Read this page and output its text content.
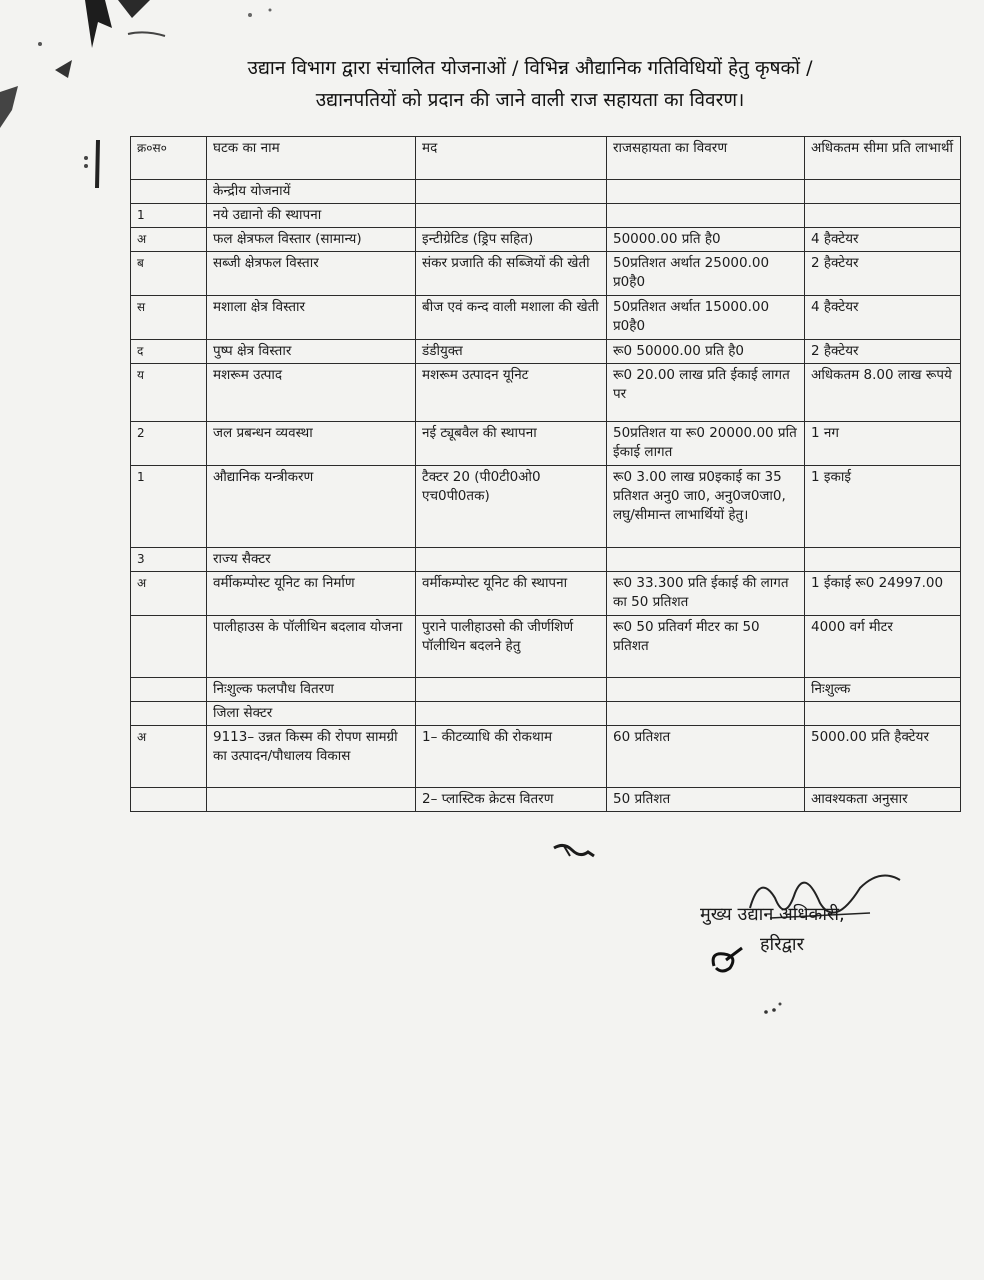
उद्यान विभाग द्वारा संचालित योजनाओं / विभिन्न औद्यानिक गतिविधियों हेतु कृषकों /
उद्यानपतियों को प्रदान की जाने वाली राज सहायता का विवरण।
क्र०स०	घटक का नाम	मद	राजसहायता का विवरण	अधिकतम सीमा प्रति लाभार्थी
	केन्द्रीय योजनायें			
1	नये उद्यानो की स्थापना			
अ	फल क्षेत्रफल विस्तार (सामान्य)	इन्टीग्रेटिड (ड्रिप सहित)	50000.00 प्रति है0	4 हैक्टेयर
ब	सब्जी क्षेत्रफल विस्तार	संकर प्रजाति की सब्जियों की खेती	50प्रतिशत अर्थात 25000.00 प्र0है0	2 हैक्टेयर
स	मशाला क्षेत्र विस्तार	बीज एवं कन्द वाली मशाला की खेती	50प्रतिशत अर्थात 15000.00 प्र0है0	4 हैक्टेयर
द	पुष्प क्षेत्र विस्तार	डंडीयुक्त	रू0 50000.00 प्रति है0	2 हैक्टेयर
य	मशरूम उत्पाद	मशरूम उत्पादन यूनिट	रू0 20.00 लाख प्रति ईकाई लागत पर	अधिकतम 8.00 लाख रूपये
2	जल प्रबन्धन व्यवस्था	नई ट्यूबवैल की स्थापना	50प्रतिशत या रू0 20000.00 प्रति ईकाई लागत	1 नग
1	औद्यानिक यन्त्रीकरण	टैक्टर 20 (पी0टी0ओ0 एच0पी0तक)	रू0 3.00 लाख प्र0इकाई का 35 प्रतिशत अनु0 जा0, अनु0ज0जा0, लघु/सीमान्त लाभार्थियों हेतु।	1 इकाई
3	राज्य सैक्टर			
अ	वर्मीकम्पोस्ट यूनिट का निर्माण	वर्मीकम्पोस्ट यूनिट की स्थापना	रू0 33.300 प्रति ईकाई की लागत का 50 प्रतिशत	1 ईकाई रू0 24997.00
	पालीहाउस के पॉलीथिन बदलाव योजना	पुराने पालीहाउसो की जीर्णशिर्ण पॉलीथिन बदलने हेतु	रू0 50 प्रतिवर्ग मीटर का 50 प्रतिशत	4000 वर्ग मीटर
	निःशुल्क फलपौध वितरण			निःशुल्क
	जिला सेक्टर			
अ	9113– उन्नत किस्म की रोपण सामग्री का उत्पादन/पौधालय विकास	1– कीटव्याधि की रोकथाम	60 प्रतिशत	5000.00 प्रति हैक्टेयर
		2– प्लास्टिक क्रेटस वितरण	50 प्रतिशत	आवश्यकता अनुसार
मुख्य उद्यान अधिकारी,
हरिद्वार
